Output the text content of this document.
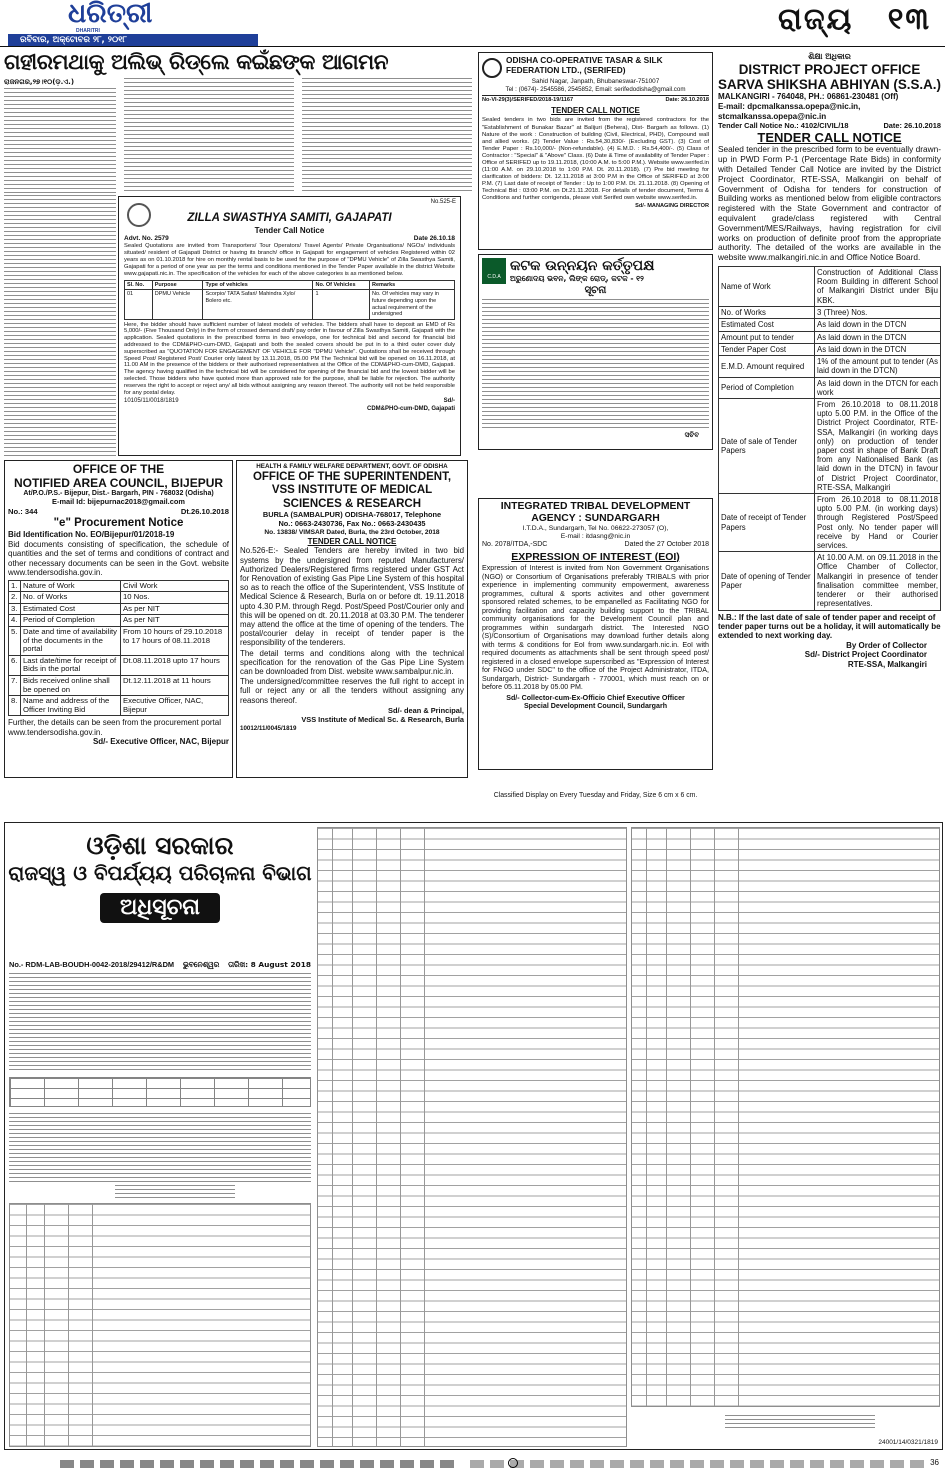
ଧରିତ୍ରୀ
DHARITRI
ରବିବାର, ଅକ୍ଟୋବର ୨୮, ୨୦୧୮
ରାଜ୍ୟ ୧୩
ଗହୀରମଥାକୁ ଅଲିଭ୍ ରିଡ୍ଲେ କଇଁଛଙ୍କ ଆଗମନ
ରାଜନଗର,୨୭।୧୦(ଡ଼.ଏ.)
ODISHA CO-OPERATIVE TASAR & SILK FEDERATION LTD., (SERIFED)
Sahid Nagar, Janpath, Bhubaneswar-751007
Tel : (0674)- 2545586, 2545852, Email: serifedodisha@gmail.com
No-VI-29(3)/SERIFED/2018-19/1167	Date: 26.10.2018
TENDER CALL NOTICE
Sealed tenders in two bids are invited from the registered contractors for the "Establishment of Bunakar Bazar" at Balijuri (Behera), Dist- Bargarh as follows. (1) Nature of the work : Construction of building (Civil, Electrical, PHD), Compound wall and allied works. (2) Tender Value : Rs.54,30,830/- (Excluding GST). (3) Cost of Tender Paper : Rs.10,000/- (Non-refundable). (4) E.M.D. : Rs.54,400/-. (5) Class of Contractor : "Special" & "Above" Class. (6) Date & Time of availability of Tender Paper : Office of SERIFED up to 19.11.2018, (10:00 A.M. to 5:00 P.M.). Website www.serifed.in (11:00 A.M. on 29.10.2018 to 1:00 P.M. Dt. 20.11.2018). (7) Pre bid meeting for clarification of bidders: Dt. 12.11.2018 at 3:00 P.M in the Office of SERIFED at 3:00 P.M. (7) Last date of receipt of Tender : Up to 1:00 P.M. Dt. 21.11.2018. (8) Opening of Technical Bid : 03:00 P.M. on Dt.21.11.2018. For details of tender document, Terms & Conditions and further corrigenda, please visit Serifed own website www.serifed.in.
Sd/- MANAGING DIRECTOR
ଶିକ୍ଷା ଅଧିକାର
DISTRICT PROJECT OFFICE
SARVA SHIKSHA ABHIYAN (S.S.A.)
MALKANGIRI - 764048, PH.: 06861-230481 (Off)
E-mail: dpcmalkanssa.opepa@nic.in,
stcmalkanssa.opepa@nic.in
Tender Call Notice No.: 4102/CIVIL/18	Date: 26.10.2018
TENDER CALL NOTICE
Sealed tender in the prescribed form to be eventually drawn-up in PWD Form P-1 (Percentage Rate Bids) in conformity with Detailed Tender Call Notice are invited by the District Project Coordinator, RTE-SSA, Malkangiri on behalf of Government of Odisha for tenders for construction of Building works as mentioned below from eligible contractors registered with the State Government and contractor of equivalent grade/class registered with Central Government/MES/Railways, having registration for civil works on production of definite proof from the appropriate authority. The detailed of the works are available in the website www.malkangiri.nic.in and Office Notice Board.
Name of Work	Construction of Additional Class Room Building in different School of Malkangiri District under Biju KBK.
No. of Works	3 (Three) Nos.
Estimated Cost	As laid down in the DTCN
Amount put to tender	As laid down in the DTCN
Tender Paper Cost	As laid down in the DTCN
E.M.D. Amount required	1% of the amount put to tender (As laid down in the DTCN)
Period of Completion	As laid down in the DTCN for each work
Date of sale of Tender Papers	From 26.10.2018 to 08.11.2018 upto 5.00 P.M. in the Office of the District Project Coordinator, RTE-SSA, Malkangiri (in working days only) on production of tender paper cost in shape of Bank Draft from any Nationalised Bank (as laid down in the DTCN) in favour of District Project Coordinator, RTE-SSA, Malkangiri
Date of receipt of Tender Papers	From 26.10.2018 to 08.11.2018 upto 5.00 P.M. (in working days) through Registered Post/Speed Post only. No tender paper will receive by Hand or Courier services.
Date of opening of Tender Paper	At 10.00 A.M. on 09.11.2018 in the Office Chamber of Collector, Malkangiri in presence of tender finalisation committee member, tenderer or their authorised representatives.
N.B.: If the last date of sale of tender paper and receipt of tender paper turns out be a holiday, it will automatically be extended to next working day.
By Order of Collector
Sd/- District Project Coordinator
RTE-SSA, Malkangiri
No.525-E
ZILLA SWASTHYA SAMITI, GAJAPATI
Tender Call Notice
Advt. No. 2579	Date 26.10.18
Sealed Quotations are invited from Transporters/ Tour Operators/ Travel Agents/ Private Organisations/ NGOs/ individuals situated/ resident of Gajapati District or having its branch/ office in Gajapati for engagement of vehicles Registered within 02 years as on 01.10.2018 for hire on monthly rental basis to be used for the purpose of "DPMU Vehicle" of Zilla Swasthya Samiti, Gajapati for a period of one year as per the terms and conditions mentioned in the Tender Paper available in the district Website www.gajapati.nic.in. The specification of the vehicles for each of the above categories is as mentioned below.
Sl. No.	Purpose	Type of vehicles	No. Of Vehicles	Remarks
01	DPMU Vehicle	Scorpio/ TATA Safari/ Mahindra Xylo/ Bolero etc.	1	No. Of vehicles may vary in future depending upon the actual requirement of the undersigned
Here, the bidder should have sufficient number of latest models of vehicles. The bidders shall have to deposit an EMD of Rs 5,000/- (Five Thousand Only) in the form of crossed demand draft/ pay order in favour of Zilla Swasthya Samiti, Gajapati with the application. Sealed quotations in the prescribed forms in two envelops, one for technical bid and second for financial bid addressed to the CDM&PHO-cum-DMD, Gajapati and both the sealed covers should be put in to a third outer cover duly superscribed as "QUOTATION FOR ENGAGEMENT OF VEHICLE FOR "DPMU Vehicle". Quotations shall be received through Speed Post/ Registered Post/ Courier only latest by 13.11.2018, 05.00 PM The Technical bid will be opened on 16.11.2018, at 11.00 AM in the presence of the bidders or their authorised representatives at the Office of the CDM&PHO-cum-DMD, Gajapati. The agency having qualified in the technical bid will be considered for opening of the financial bid and the lowest bidder will be selected. Those bidders who have quoted more than approved rate for the purpose, shall be liable for rejection. The authority reserves the right to accept or reject any/ all bids without assigning any reason thereof. The authority will not be held responsible for any postal delay.
10105/11/0018/1819	Sd/-
CDM&PHO-cum-DMD, Gajapati
C.D.A
କଟକ ଉନ୍ନୟନ କର୍ତ୍ତୃପକ୍ଷ
ଅରୁଣୋଦୟ ଭବନ, ଲିଙ୍କ ରୋଡ୍, କଟକ - ୧୨
ସୂଚନା
ସଚିବ
OFFICE OF THE
NOTIFIED AREA COUNCIL, BIJEPUR
At/P.O./P.S.- Bijepur, Dist.- Bargarh, PIN - 768032 (Odisha)
E-mail Id: bijepurnac2018@gmail.com
No.: 344	Dt.26.10.2018
"e" Procurement Notice
Bid Identification No. EO/Bijepur/01/2018-19
Bid documents consisting of specification, the schedule of quantities and the set of terms and conditions of contract and other necessary documents can be seen in the Govt. website www.tendersodisha.gov.in.
1.	Nature of Work	Civil Work
2.	No. of Works	10 Nos.
3.	Estimated Cost	As per NIT
4.	Period of Completion	As per NIT
5.	Date and time of availability of the documents in the portal	From 10 hours of 29.10.2018 to 17 hours of 08.11.2018
6.	Last date/time for receipt of Bids in the portal	Dt.08.11.2018 upto 17 hours
7.	Bids received online shall be opened on	Dt.12.11.2018 at 11 hours
8.	Name and address of the Officer Inviting Bid	Executive Officer, NAC, Bijepur
Further, the details can be seen from the procurement portal www.tendersodisha.gov.in.
Sd/- Executive Officer, NAC, Bijepur
HEALTH & FAMILY WELFARE DEPARTMENT, GOVT. OF ODISHA
OFFICE OF THE SUPERINTENDENT,
VSS INSTITUTE OF MEDICAL
SCIENCES & RESEARCH
BURLA (SAMBALPUR) ODISHA-768017, Telephone
No.: 0663-2430736, Fax No.: 0663-2430435
No. 13838/ VIMSAR Dated, Burla, the 23rd October, 2018
TENDER CALL NOTICE
No.526-E:- Sealed Tenders are hereby invited in two bid systems by the undersigned from reputed Manufacturers/ Authorized Dealers/Registered firms registered under GST Act for Renovation of existing Gas Pipe Line System of this hospital so as to reach the office of the Superintendent, VSS Institute of Medical Science & Research, Burla on or before dt. 19.11.2018 upto 4.30 P.M. through Regd. Post/Speed Post/Courier only and this will be opened on dt. 20.11.2018 at 03.30 P.M. The tenderer may attend the office at the time of opening of the tenders. The postal/courier delay in receipt of tender paper is the responsibility of the tenderers.
The detail terms and conditions along with the technical specification for the renovation of the Gas Pipe Line System can be downloaded from Dist. website www.sambalpur.nic.in.
The undersigned/committee reserves the full right to accept in full or reject any or all the tenders without assigning any reasons thereof.
Sd/- dean & Principal,
VSS Institute of Medical Sc. & Research, Burla
10012/11/0045/1819
INTEGRATED TRIBAL DEVELOPMENT
AGENCY : SUNDARGARH
I.T.D.A., Sundargarh, Tel No. 06622-273057 (O),
E-mail : itdasng@nic.in
No. 2078/ITDA,-SDC	Dated the 27 October 2018
EXPRESSION OF INTEREST (EOI)
Expression of Interest is invited from Non Government Organisations (NGO) or Consortium of Organisations preferably TRIBALS with prior experience in implementing community empowerment, awareness programmes, cultural & sports activites and other government sponsored related schemes, to be empanelled as Facilitating NGO for providing facilitation and capacity building support to the TRIBAL community organisations for the Development Council plan and programmes within sundargarh district. The Interested NGO (S)/Consortium of Organisations may download further details along with terms & conditions for EoI from www.sundargarh.nic.in. EoI with required documents as attachments shall be sent through speed post/ registered in a closed envelope superscribed as "Expression of Interest for FNGO under SDC" to the office of the Project Administrator, ITDA, Sundargarh, District- Sundargarh - 770001, which must reach on or before 05.11.2018 by 05.00 PM.
Sd/- Collector-cum-Ex-Officio Chief Executive Officer
Special Development Council, Sundargarh
Classified Display on Every Tuesday and Friday, Size 6 cm x 6 cm.
ଓଡ଼ିଶା ସରକାର
ରାଜସ୍ୱ ଓ ବିପର୍ଯ୍ୟୟ ପରିଚାଳନା ବିଭାଗ
ଅଧିସୂଚନା
No.- RDM-LAB-BOUDH-0042-2018/29412/R&DM ଭୁବନେଶ୍ୱର ତାରିଖ: 8 August 2018
24001/14/0321/1819
36
